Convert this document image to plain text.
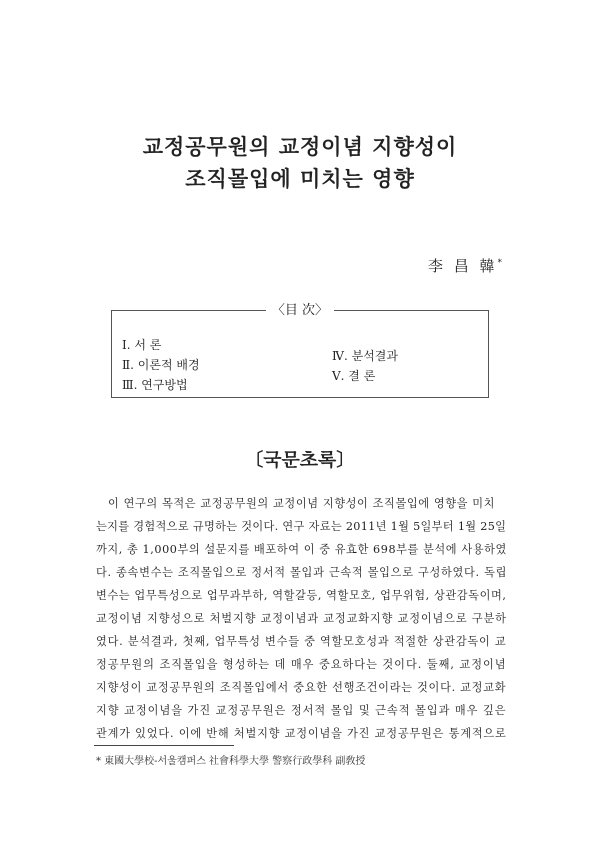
교정공무원의 교정이념 지향성이
조직몰입에 미치는 영향
李 昌 韓*
〈目 次〉
Ⅰ. 서 론
Ⅱ. 이론적 배경
Ⅲ. 연구방법
Ⅳ. 분석결과
Ⅴ. 결 론
〔국문초록〕
이 연구의 목적은 교정공무원의 교정이념 지향성이 조직몰입에 영향을 미치
는지를 경험적으로 규명하는 것이다. 연구 자료는 2011년 1월 5일부터 1월 25일
까지, 총 1,000부의 설문지를 배포하여 이 중 유효한 698부를 분석에 사용하였
다. 종속변수는 조직몰입으로 정서적 몰입과 근속적 몰입으로 구성하였다. 독립
변수는 업무특성으로 업무과부하, 역할갈등, 역할모호, 업무위험, 상관감독이며,
교정이념 지향성으로 처벌지향 교정이념과 교정교화지향 교정이념으로 구분하
였다. 분석결과, 첫째, 업무특성 변수들 중 역할모호성과 적절한 상관감독이 교
정공무원의 조직몰입을 형성하는 데 매우 중요하다는 것이다. 둘째, 교정이념
지향성이 교정공무원의 조직몰입에서 중요한 선행조건이라는 것이다. 교정교화
지향 교정이념을 가진 교정공무원은 정서적 몰입 및 근속적 몰입과 매우 깊은
관계가 있었다. 이에 반해 처벌지향 교정이념을 가진 교정공무원은 통계적으로
* 東國大學校-서울캠퍼스 社會科學大學 警察行政學科 副敎授
